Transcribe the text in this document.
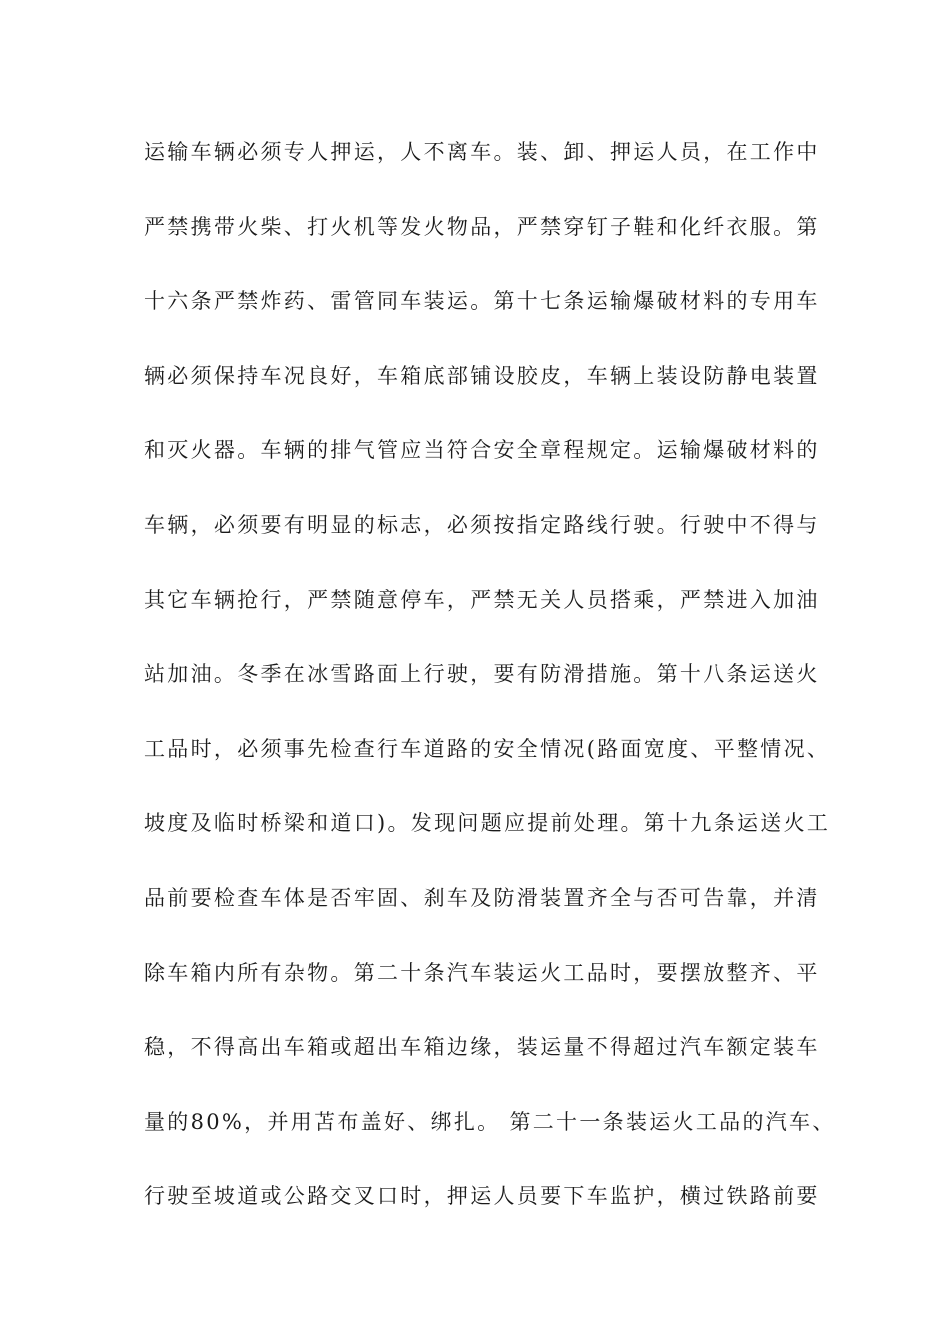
运输车辆必须专人押运，人不离车。装、卸、押运人员，在工作中
严禁携带火柴、打火机等发火物品，严禁穿钉子鞋和化纤衣服。第
十六条严禁炸药、雷管同车装运。第十七条运输爆破材料的专用车
辆必须保持车况良好，车箱底部铺设胶皮，车辆上装设防静电装置
和灭火器。车辆的排气管应当符合安全章程规定。运输爆破材料的
车辆，必须要有明显的标志，必须按指定路线行驶。行驶中不得与
其它车辆抢行，严禁随意停车，严禁无关人员搭乘，严禁进入加油
站加油。冬季在冰雪路面上行驶，要有防滑措施。第十八条运送火
工品时，必须事先检查行车道路的安全情况(路面宽度、平整情况、
坡度及临时桥梁和道口)。发现问题应提前处理。第十九条运送火工
品前要检查车体是否牢固、刹车及防滑装置齐全与否可告靠，并清
除车箱内所有杂物。第二十条汽车装运火工品时，要摆放整齐、平
稳，不得高出车箱或超出车箱边缘，装运量不得超过汽车额定装车
量的80%，并用苫布盖好、绑扎。 第二十一条装运火工品的汽车、
行驶至坡道或公路交叉口时，押运人员要下车监护，横过铁路前要
